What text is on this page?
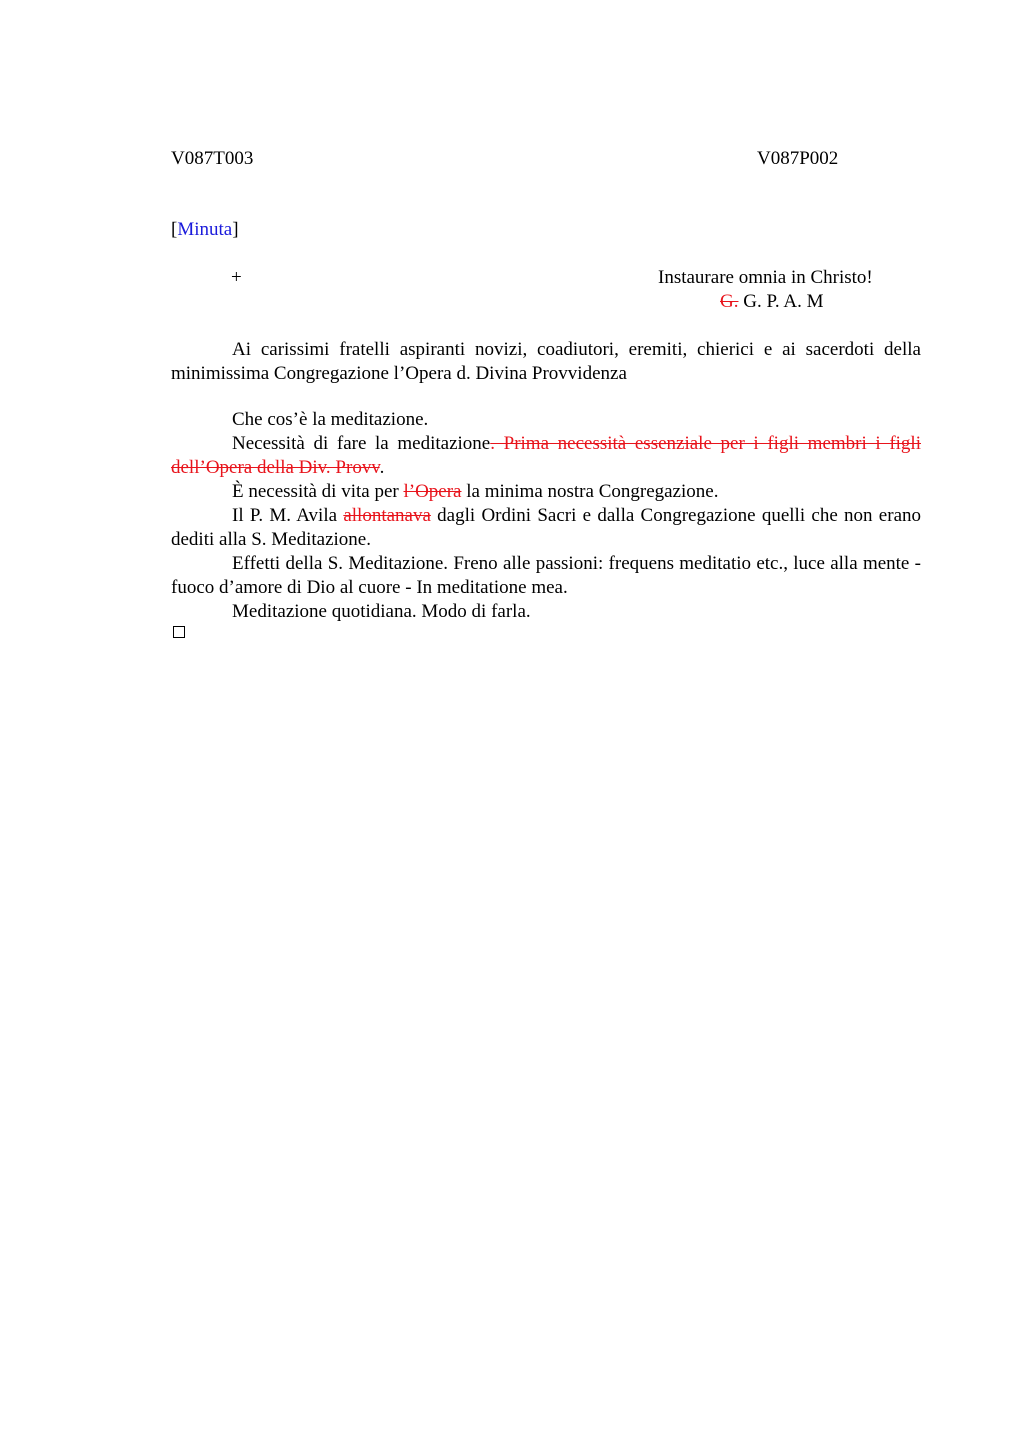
V087T003	V087P002
[Minuta]
+	Instaurare omnia in Christo!
G. G. P. A. M

Ai carissimi fratelli aspiranti novizi, coadiutori, eremiti, chierici e ai sacerdoti della minimissima Congregazione l’Opera d. Divina Provvidenza

Che cos’è la meditazione.

Necessità di fare la meditazione. Prima necessità essenziale per i figli membri i figli dell’Opera della Div. Provv.

È necessità di vita per l’Opera la minima nostra Congregazione.

Il P. M. Avila allontanava dagli Ordini Sacri e dalla Congregazione quelli che non erano dediti alla S. Meditazione.

Effetti della S. Meditazione. Freno alle passioni: frequens meditatio etc., luce alla mente - fuoco d’amore di Dio al cuore - In meditatione mea.

Meditazione quotidiana. Modo di farla.
